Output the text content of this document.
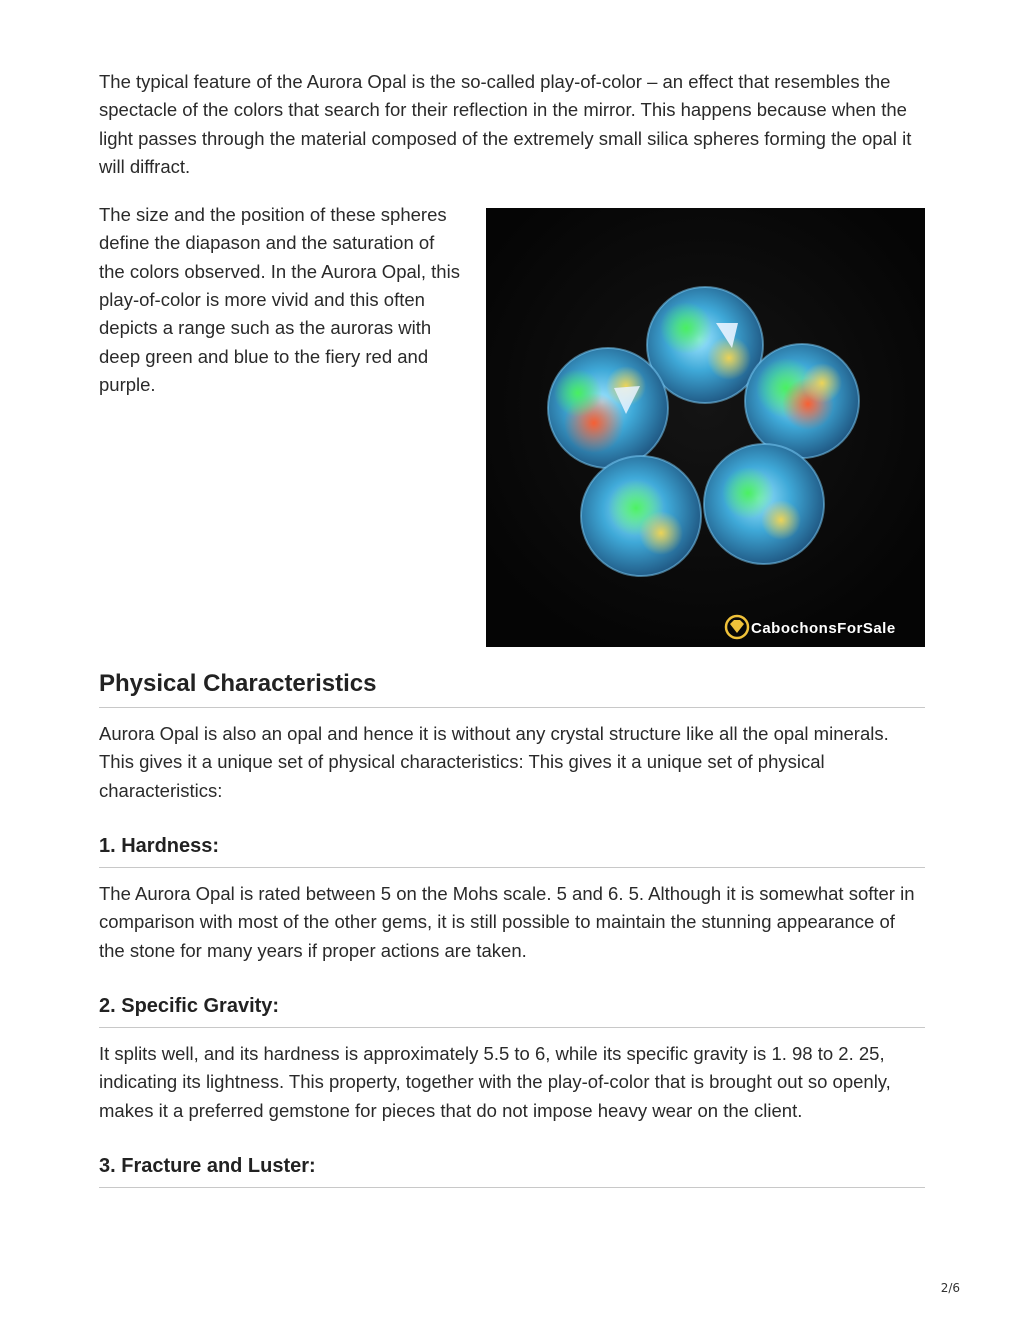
The typical feature of the Aurora Opal is the so-called play-of-color – an effect that resembles the spectacle of the colors that search for their reflection in the mirror. This happens because when the light passes through the material composed of the extremely small silica spheres forming the opal it will diffract.

The size and the position of these spheres define the diapason and the saturation of the colors observed. In the Aurora Opal, this play-of-color is more vivid and this often depicts a range such as the auroras with deep green and blue to the fiery red and purple.

CabochonsForSale
Physical Characteristics

Aurora Opal is also an opal and hence it is without any crystal structure like all the opal minerals. This gives it a unique set of physical characteristics: This gives it a unique set of physical characteristics:

1. Hardness:

The Aurora Opal is rated between 5 on the Mohs scale. 5 and 6. 5. Although it is somewhat softer in comparison with most of the other gems, it is still possible to maintain the stunning appearance of the stone for many years if proper actions are taken.

2. Specific Gravity:

It splits well, and its hardness is approximately 5.5 to 6, while its specific gravity is 1. 98 to 2. 25, indicating its lightness. This property, together with the play-of-color that is brought out so openly, makes it a preferred gemstone for pieces that do not impose heavy wear on the client.

3. Fracture and Luster:
2/6
